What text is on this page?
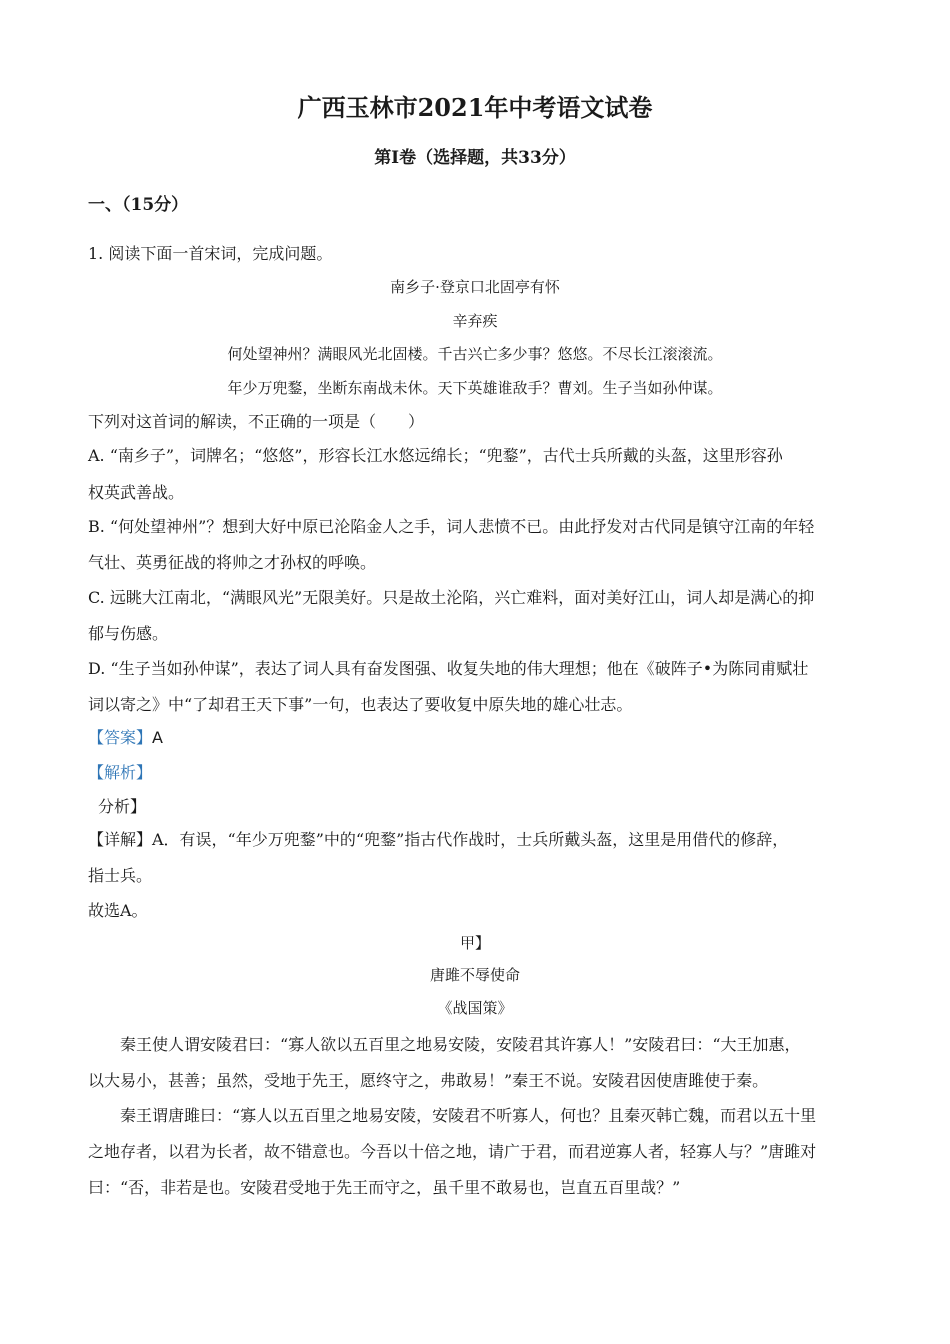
广西玉林市2021年中考语文试卷
第Ⅰ卷（选择题，共33分）
一、（15分）
1. 阅读下面一首宋词，完成问题。
南乡子·登京口北固亭有怀
辛弃疾
何处望神州？满眼风光北固楼。千古兴亡多少事？悠悠。不尽长江滚滚流。
年少万兜鍪，坐断东南战未休。天下英雄谁敌手？曹刘。生子当如孙仲谋。
下列对这首词的解读，不正确的一项是（　　）
A. “南乡子”，词牌名；“悠悠”，形容长江水悠远绵长；“兜鍪”，古代士兵所戴的头盔，这里形容孙
权英武善战。
B. “何处望神州”？想到大好中原已沦陷金人之手，词人悲愤不已。由此抒发对古代同是镇守江南的年轻
气壮、英勇征战的将帅之才孙权的呼唤。
C. 远眺大江南北，“满眼风光”无限美好。只是故土沦陷，兴亡难料，面对美好江山，词人却是满心的抑
郁与伤感。
D. “生子当如孙仲谋”，表达了词人具有奋发图强、收复失地的伟大理想；他在《破阵子•为陈同甫赋壮
词以寄之》中“了却君王天下事”一句，也表达了要收复中原失地的雄心壮志。
【答案】A
【解析】
分析】
【详解】A．有误，“年少万兜鍪”中的“兜鍪”指古代作战时，士兵所戴头盔，这里是用借代的修辞，
指士兵。
故选A。
甲】
唐雎不辱使命
《战国策》
秦王使人谓安陵君曰：“寡人欲以五百里之地易安陵，安陵君其许寡人！”安陵君曰：“大王加惠，
以大易小，甚善；虽然，受地于先王，愿终守之，弗敢易！”秦王不说。安陵君因使唐雎使于秦。
秦王谓唐雎曰：“寡人以五百里之地易安陵，安陵君不听寡人，何也？且秦灭韩亡魏，而君以五十里
之地存者，以君为长者，故不错意也。今吾以十倍之地，请广于君，而君逆寡人者，轻寡人与？”唐雎对
曰：“否，非若是也。安陵君受地于先王而守之，虽千里不敢易也，岂直五百里哉？”
